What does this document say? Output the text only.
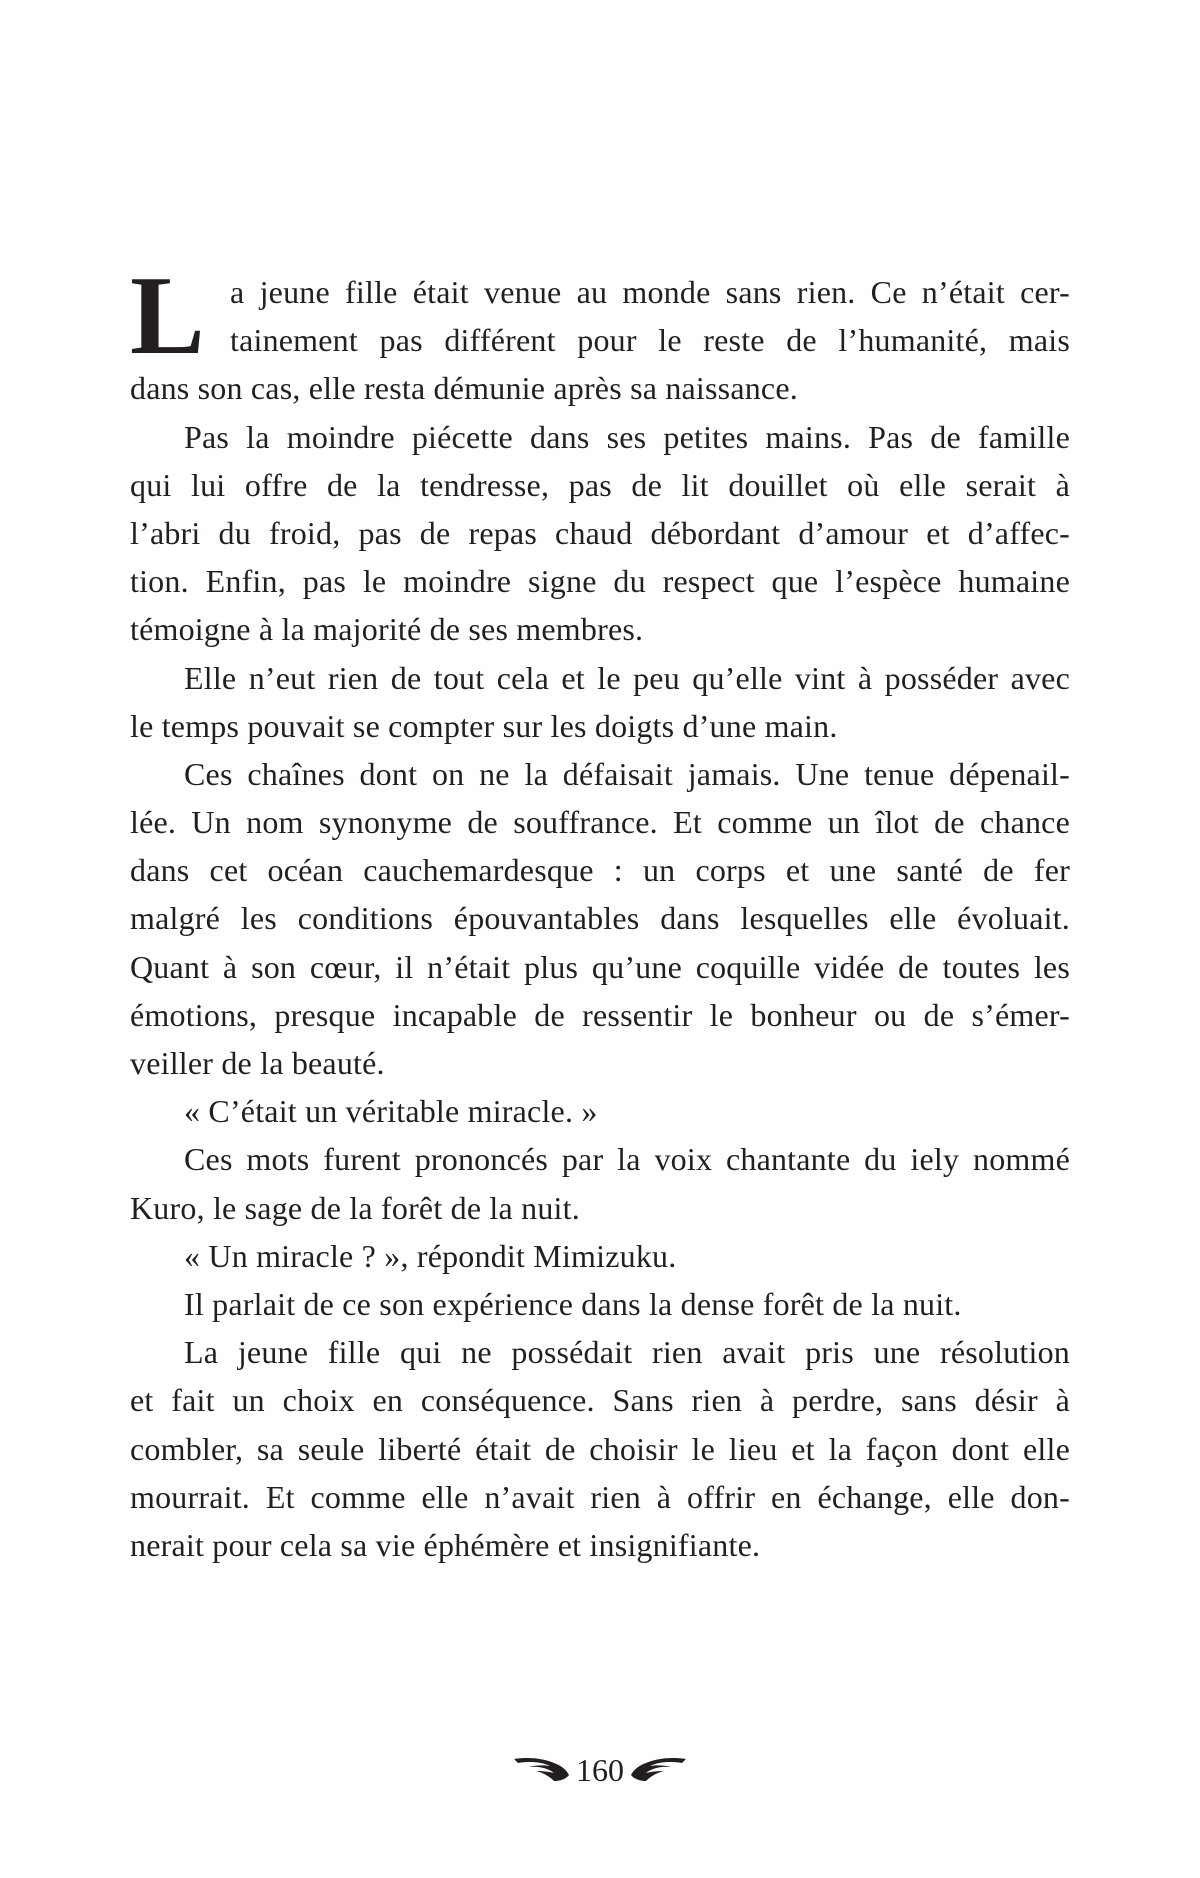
L a jeune fille était venue au monde sans rien. Ce n’était cer-
tainement pas différent pour le reste de l’humanité, mais
dans son cas, elle resta démunie après sa naissance.
Pas la moindre piécette dans ses petites mains. Pas de famille
qui lui offre de la tendresse, pas de lit douillet où elle serait à
l’abri du froid, pas de repas chaud débordant d’amour et d’affec-
tion. Enfin, pas le moindre signe du respect que l’espèce humaine
témoigne à la majorité de ses membres.
Elle n’eut rien de tout cela et le peu qu’elle vint à posséder avec
le temps pouvait se compter sur les doigts d’une main.
Ces chaînes dont on ne la défaisait jamais. Une tenue dépenail-
lée. Un nom synonyme de souffrance. Et comme un îlot de chance
dans cet océan cauchemardesque : un corps et une santé de fer
malgré les conditions épouvantables dans lesquelles elle évoluait.
Quant à son cœur, il n’était plus qu’une coquille vidée de toutes les
émotions, presque incapable de ressentir le bonheur ou de s’émer-
veiller de la beauté.
« C’était un véritable miracle. »
Ces mots furent prononcés par la voix chantante du iely nommé
Kuro, le sage de la forêt de la nuit.
« Un miracle ? », répondit Mimizuku.
Il parlait de ce son expérience dans la dense forêt de la nuit.
La jeune fille qui ne possédait rien avait pris une résolution
et fait un choix en conséquence. Sans rien à perdre, sans désir à
combler, sa seule liberté était de choisir le lieu et la façon dont elle
mourrait. Et comme elle n’avait rien à offrir en échange, elle don-
nerait pour cela sa vie éphémère et insignifiante.
160
